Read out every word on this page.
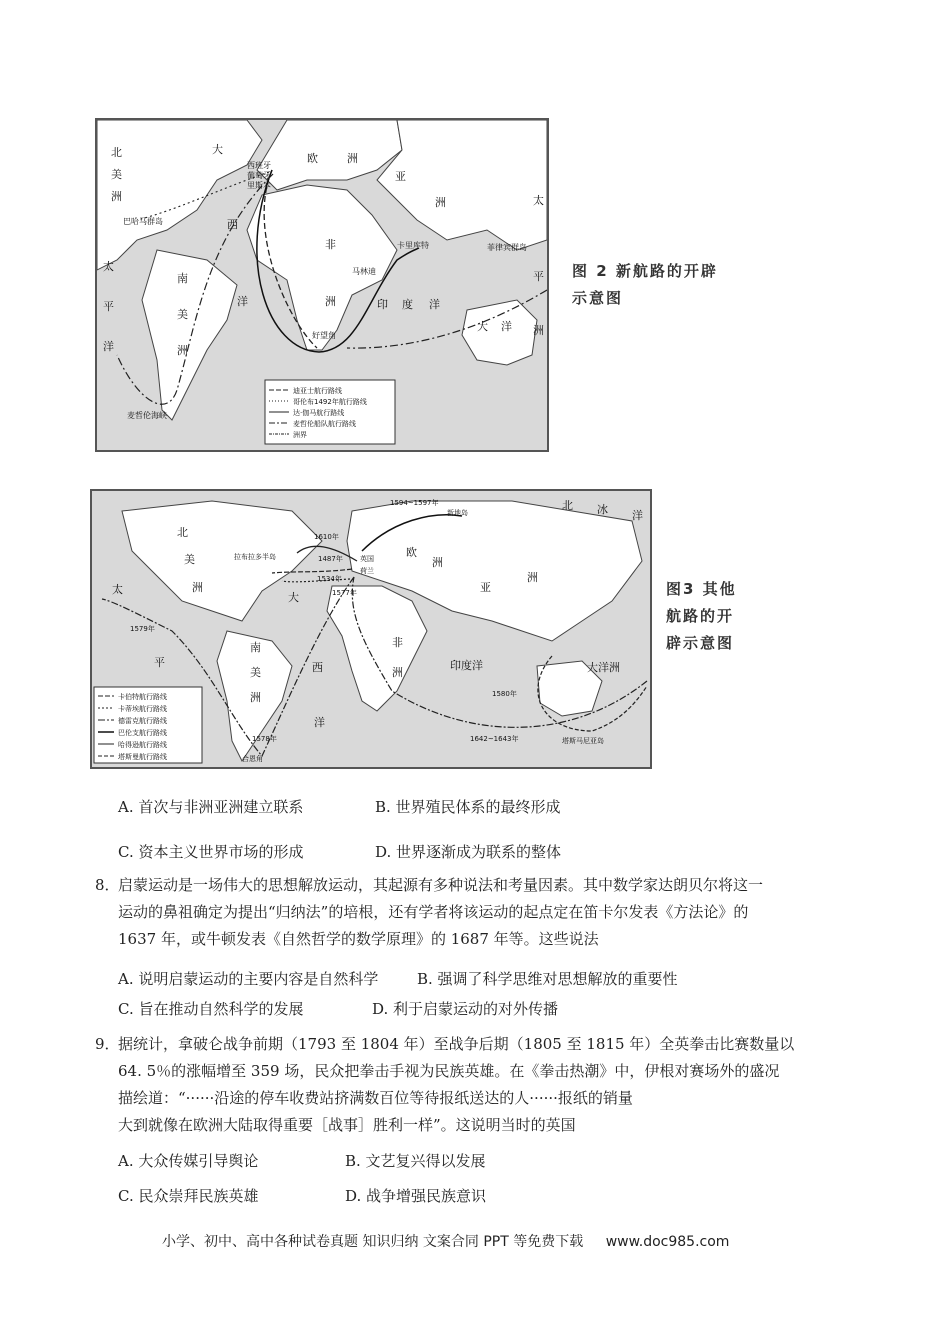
迪亚士航行路线
哥伦布1492年航行路线
达·伽马航行路线
麦哲伦船队航行路线
洲界
北
美
洲
太
平
洋
大
西
洋
欧	洲
亚
洲
非
洲
南
美
洲
印 度 洋
太
平
大 洋 洲
西班牙
葡萄牙
里斯本
巴哈马群岛
卡里库特
马林迪
好望角
菲律宾群岛
麦哲伦海峡
图 2 新航路的开辟
示意图
卡伯特航行路线
卡蒂埃航行路线
德雷克航行路线
巴伦支航行路线
哈得逊航行路线
塔斯曼航行路线
北
美
洲
太
平
大
西
洋
南
美
洲
欧
洲
亚
洲
非
洲
印度洋	大洋洲
北 冰 洋
拉布拉多半岛
新地岛
英国
荷兰
合恩角
塔斯马尼亚岛
1594~1597年
1610年
1487年
1534年
1577年
1578年
1579年
1642~1643年
1580年
图3 其他
航路的开
辟示意图
A. 首次与非洲亚洲建立联系	B. 世界殖民体系的最终形成
C. 资本主义世界市场的形成	D. 世界逐渐成为联系的整体
8．
启蒙运动是一场伟大的思想解放运动，其起源有多种说法和考量因素。其中数学家达朗贝尔将这一
运动的鼻祖确定为提出“归纳法”的培根，还有学者将该运动的起点定在笛卡尔发表《方法论》的
1637 年，或牛顿发表《自然哲学的数学原理》的 1687 年等。这些说法
A. 说明启蒙运动的主要内容是自然科学	B. 强调了科学思维对思想解放的重要性
C. 旨在推动自然科学的发展	D. 利于启蒙运动的对外传播
9．
据统计，拿破仑战争前期（1793 至 1804 年）至战争后期（1805 至 1815 年）全英拳击比赛数量以
64. 5％的涨幅增至 359 场，民众把拳击手视为民族英雄。在《拳击热潮》中，伊根对赛场外的盛况
描绘道：“······沿途的停车收费站挤满数百位等待报纸送达的人······报纸的销量
大到就像在欧洲大陆取得重要［战事］胜利一样”。这说明当时的英国
A. 大众传媒引导舆论	B. 文艺复兴得以发展
C. 民众崇拜民族英雄	D. 战争增强民族意识
小学、初中、高中各种试卷真题 知识归纳 文案合同 PPT 等免费下载 www.doc985.com
